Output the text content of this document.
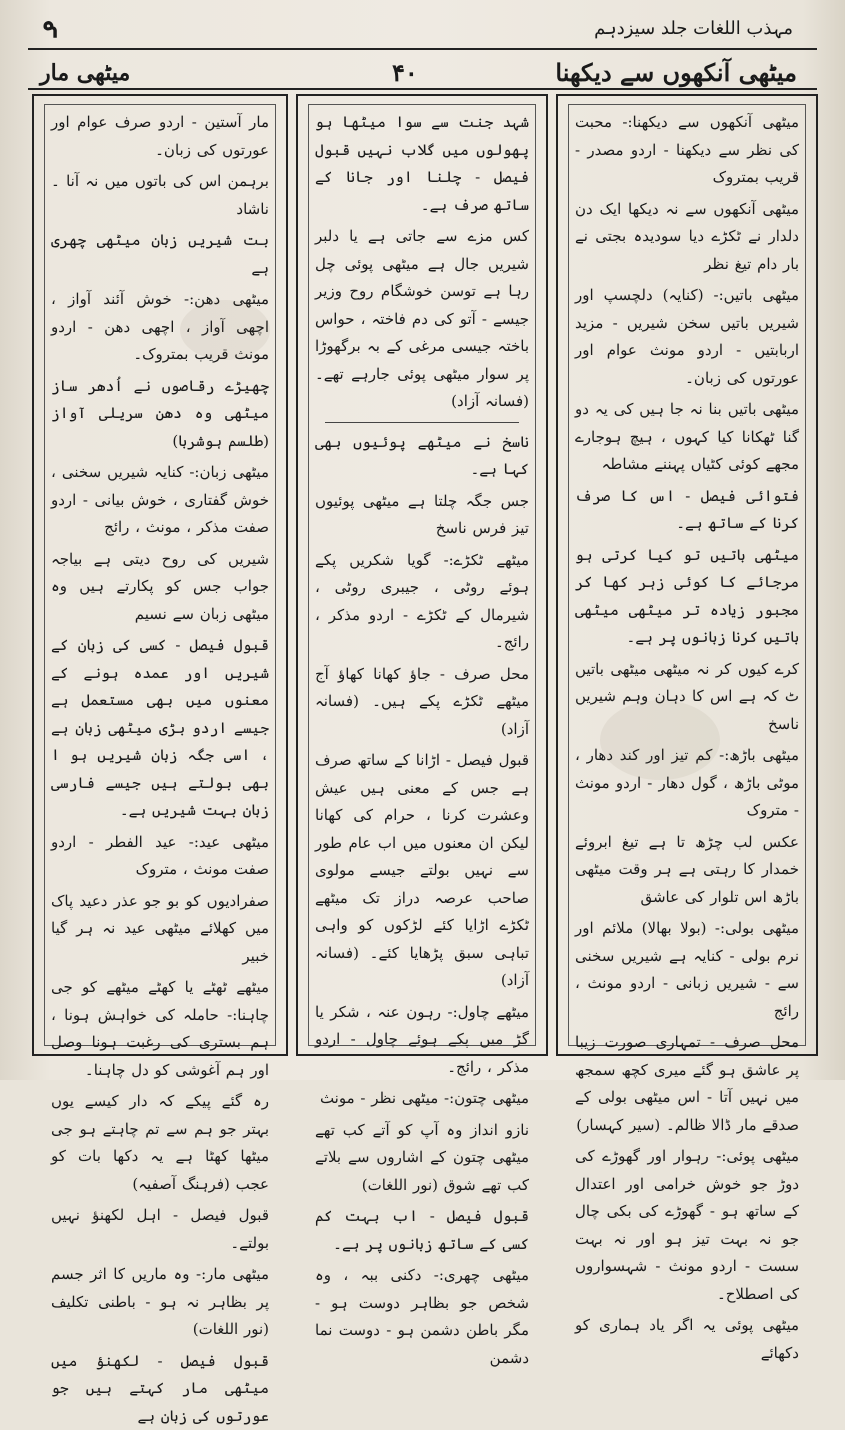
م	مہذب اللغات جلد سیزدہم
میٹھی مار	۴۰	میٹھی آنکھوں سے دیکھنا

میٹھی آنکھوں سے دیکھنا:- محبت کی نظر سے دیکھنا - اردو مصدر - قریب بمتروک

میٹھی آنکھوں سے نہ دیکھا ایک دن دلدار نے ٹکڑے دیا سودیدہ بجتی نے بار دام تیغ نظر

میٹھی باتیں:- (کنایہ) دلچسپ اور شیریں باتیں سخن شیریں - مزید اربابتیں - اردو مونث عوام اور عورتوں کی زبان۔

میٹھی باتیں بنا نہ جا ہیں کی یہ دو گنا ٹھکانا کیا کہوں ، ہیچ ہوجارے مجھے کوئی کٹیاں پہننے مشاطہ

فتوائی فیصل - اس کا صرف کرنا کے ساتھ ہے۔

میٹھی باتیں تو کیا کرتی ہو مرجائے کا کوئی زہر کھا کر مجبور زیادہ تر میٹھی میٹھی باتیں کرنا زبانوں پر ہے۔

کرے کیوں کر نہ میٹھی میٹھی باتیں ٹ کہ ہے اس کا دہان وہم شیریں ناسخ

میٹھی باڑھ:- کم تیز اور کند دھار ، موٹی باڑھ ، گول دھار - اردو مونث - متروک

عکس لب چڑھ تا ہے تیغ ابروئے خمدار کا رہتی ہے ہر وقت میٹھی باڑھ اس تلوار کی عاشق

میٹھی بولی:- (بولا بھالا) ملائم اور نرم بولی - کنایہ ہے شیریں سخنی سے - شیریں زبانی - اردو مونث ، رائج

محل صرف - تمہاری صورت زیبا پر عاشق ہو گئے میری کچھ سمجھ میں نہیں آتا - اس میٹھی بولی کے صدقے مار ڈالا ظالم۔ (سیر کہسار)

میٹھی پوئی:- رہوار اور گھوڑے کی دوڑ جو خوش خرامی اور اعتدال کے ساتھ ہو - گھوڑے کی بکی چال جو نہ بہت تیز ہو اور نہ بہت سست - اردو مونث - شہسواروں کی اصطلاح۔

میٹھی پوئی یہ اگر یاد ہماری کو دکھائے

شہد جنت سے سوا میٹھا ہو پھولوں میں گلاب نہیں قبول فیصل - چلنا اور جانا کے ساتھ صرف ہے۔

کس مزے سے جاتی ہے یا دلبر شیریں جال ہے میٹھی پوئی چل رہا ہے توسن خوشگام روح وزیر جیسے - آتو کی دم فاختہ ، حواس باختہ جیسی مرغی کے بہ برگھوڑا پر سوار میٹھی پوئی جارہے تھے۔ (فسانہ آزاد)

ناسخ نے میٹھے پوئیوں بھی کہا ہے۔

جس جگہ چلتا ہے میٹھی پوئیوں تیز فرس ناسخ

میٹھے ٹکڑے:- گویا شکریں پکے ہوئے روٹی ، جیبری روٹی ، شیرمال کے ٹکڑے - اردو مذکر ، رائج۔

محل صرف - جاؤ کھانا کھاؤ آج میٹھے ٹکڑے پکے ہیں۔ (فسانہ آزاد)

قبول فیصل - اڑانا کے ساتھ صرف ہے جس کے معنی ہیں عیش وعشرت کرنا ، حرام کی کھانا لیکن ان معنوں میں اب عام طور سے نہیں بولتے جیسے مولوی صاحب عرصہ دراز تک میٹھے ٹکڑے اڑایا کئے لڑکوں کو واہی تباہی سبق پڑھایا کئے۔ (فسانہ آزاد)

میٹھے چاول:- رہون عنہ ، شکر یا گڑ میں پکے ہوئے چاول - اردو مذکر ، رائج۔

میٹھی چتون:- میٹھی نظر - مونث

نازو انداز وہ آپ کو آتے کب تھے میٹھی چتون کے اشاروں سے بلاتے کب تھے شوق (نور اللغات)

قبول فیصل - اب بہت کم کسی کے ساتھ زبانوں پر ہے۔

میٹھی چھری:- دکنی ببہ ، وہ شخص جو بظاہر دوست ہو - مگر باطن دشمن ہو - دوست نما دشمن

مار آستین - اردو صرف عوام اور عورتوں کی زبان۔

برہمن اس کی باتوں میں نہ آنا ۔ ناشاد

بت شیریں زبان میٹھی چھری ہے

میٹھی دھن:- خوش آئند آواز ، اچھی آواز ، اچھی دھن - اردو مونث قریب بمتروک۔

چھیڑے رقاصوں نے اُدھر ساز میٹھی وہ دھن سریلی آواز (طلسم ہوشربا)

میٹھی زبان:- کنایہ شیریں سخنی ، خوش گفتاری ، خوش بیانی - اردو صفت مذکر ، مونث ، رائج

شیریں کی روح دیتی ہے بیاجہ جواب جس کو پکارتے ہیں وہ میٹھی زبان سے نسیم

قبول فیصل - کسی کی زبان کے شیریں اور عمدہ ہونے کے معنوں میں بھی مستعمل ہے جیسے اردو بڑی میٹھی زبان ہے ، اسی جگہ زبان شیریں ہو ا بھی بولتے ہیں جیسے فارسی زبان بہت شیریں ہے۔

میٹھی عید:- عید الفطر - اردو صفت مونث ، متروک

صفرادیوں کو بو جو عذر دعید پاک میں کھلائے میٹھی عید نہ ہر گیا خبیر

میٹھے ٹھٹے یا کھٹے میٹھے کو جی چاہنا:- حاملہ کی خواہش ہونا ، ہم بستری کی رغبت ہونا وصل اور ہم آغوشی کو دل چاہنا۔

رہ گئے پیکے کہ دار کیسے یوں بہتر جو ہم سے تم چاہتے ہو جی میٹھا کھٹا ہے یہ دکھا بات کو عجب (فرہنگ آصفیہ)

قبول فیصل - اہل لکھنؤ نہیں بولتے۔

میٹھی مار:- وہ ماریں کا اثر جسم پر بظاہر نہ ہو - باطنی تکلیف (نور اللغات)

قبول فیصل - لکھنؤ میں میٹھی مار کہتے ہیں جو عورتوں کی زبان ہے
